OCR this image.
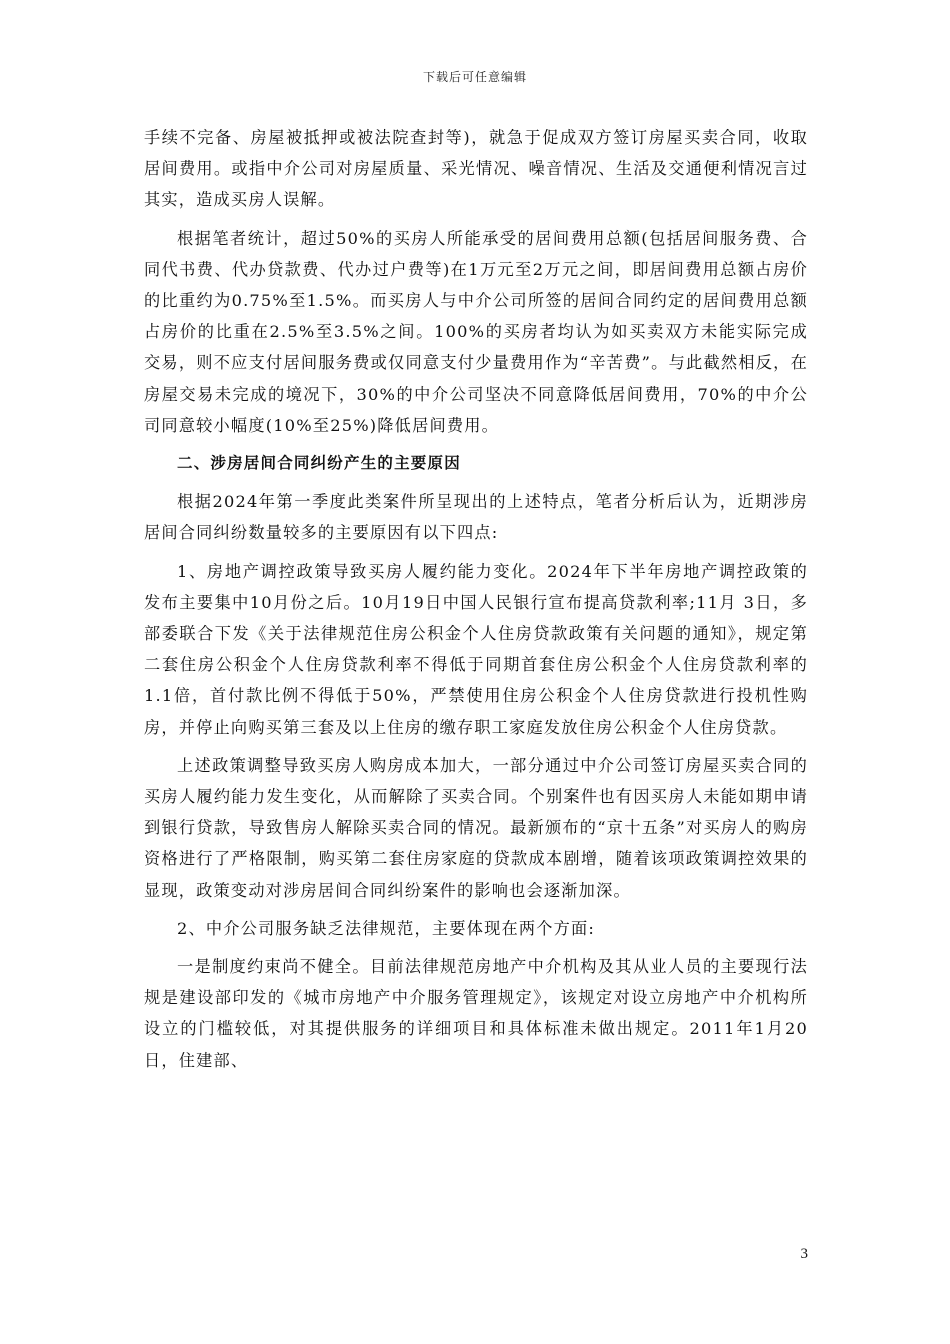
下载后可任意编辑

手续不完备、房屋被抵押或被法院查封等)，就急于促成双方签订房屋买卖合同，收取居间费用。或指中介公司对房屋质量、采光情况、噪音情况、生活及交通便利情况言过其实，造成买房人误解。

根据笔者统计，超过50%的买房人所能承受的居间费用总额(包括居间服务费、合同代书费、代办贷款费、代办过户费等)在1万元至2万元之间，即居间费用总额占房价的比重约为0.75%至1.5%。而买房人与中介公司所签的居间合同约定的居间费用总额占房价的比重在2.5%至3.5%之间。100%的买房者均认为如买卖双方未能实际完成交易，则不应支付居间服务费或仅同意支付少量费用作为“辛苦费”。与此截然相反，在房屋交易未完成的境况下，30%的中介公司坚决不同意降低居间费用，70%的中介公司同意较小幅度(10%至25%)降低居间费用。

二、涉房居间合同纠纷产生的主要原因

根据2024年第一季度此类案件所呈现出的上述特点，笔者分析后认为，近期涉房居间合同纠纷数量较多的主要原因有以下四点:

1、房地产调控政策导致买房人履约能力变化。2024年下半年房地产调控政策的发布主要集中10月份之后。10月19日中国人民银行宣布提高贷款利率;11月 3日，多部委联合下发《关于法律规范住房公积金个人住房贷款政策有关问题的通知》，规定第二套住房公积金个人住房贷款利率不得低于同期首套住房公积金个人住房贷款利率的1.1倍，首付款比例不得低于50%，严禁使用住房公积金个人住房贷款进行投机性购房，并停止向购买第三套及以上住房的缴存职工家庭发放住房公积金个人住房贷款。

上述政策调整导致买房人购房成本加大，一部分通过中介公司签订房屋买卖合同的买房人履约能力发生变化，从而解除了买卖合同。个别案件也有因买房人未能如期申请到银行贷款，导致售房人解除买卖合同的情况。最新颁布的“京十五条”对买房人的购房资格进行了严格限制，购买第二套住房家庭的贷款成本剧增，随着该项政策调控效果的显现，政策变动对涉房居间合同纠纷案件的影响也会逐渐加深。

2、中介公司服务缺乏法律规范，主要体现在两个方面:

一是制度约束尚不健全。目前法律规范房地产中介机构及其从业人员的主要现行法规是建设部印发的《城市房地产中介服务管理规定》，该规定对设立房地产中介机构所设立的门槛较低，对其提供服务的详细项目和具体标准未做出规定。2011年1月20日，住建部、

3
